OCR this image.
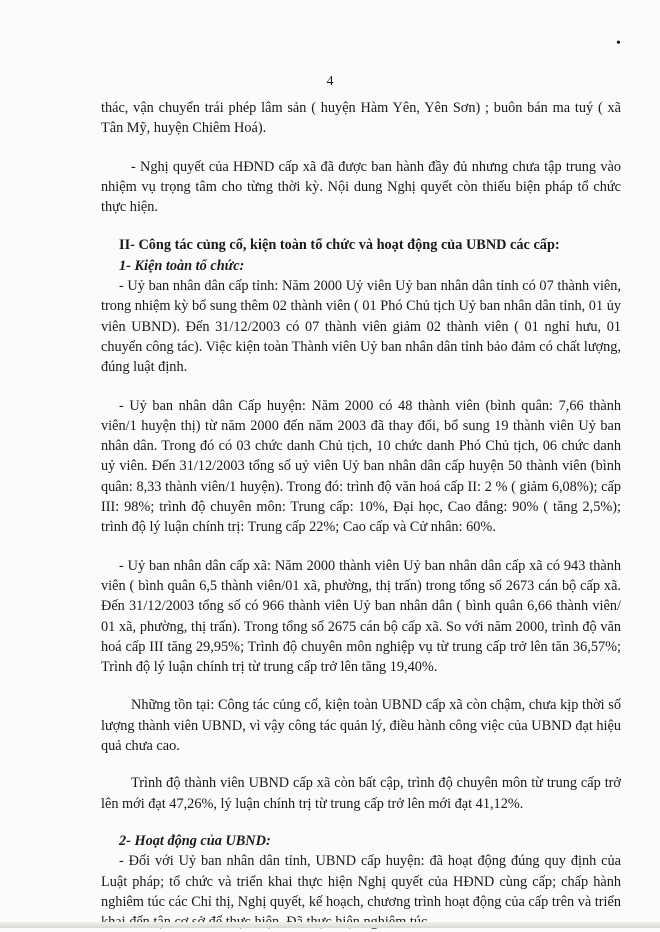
•
4

thác, vận chuyển trái phép lâm sản ( huyện Hàm Yên, Yên Sơn) ; buôn bán ma tuý ( xã Tân Mỹ, huyện Chiêm Hoá).

- Nghị quyết của HĐND cấp xã đã được ban hành đầy đủ nhưng chưa tập trung vào nhiệm vụ trọng tâm cho từng thời kỳ. Nội dung Nghị quyết còn thiếu biện pháp tổ chức thực hiện.

II- Công tác củng cố, kiện toàn tổ chức và hoạt động của UBND các cấp:

1- Kiện toàn tổ chức:

- Uỷ ban nhân dân cấp tỉnh: Năm 2000 Uỷ viên Uỷ ban nhân dân tỉnh có 07 thành viên, trong nhiệm kỳ bổ sung thêm 02 thành viên ( 01 Phó Chủ tịch Uỷ ban nhân dân tỉnh, 01 ủy viên UBND). Đến 31/12/2003 có 07 thành viên giảm 02 thành viên ( 01 nghỉ hưu, 01 chuyển công tác). Việc kiện toàn Thành viên Uỷ ban nhân dân tỉnh bảo đảm có chất lượng, đúng luật định.

- Uỷ ban nhân dân Cấp huyện: Năm 2000 có 48 thành viên (bình quân: 7,66 thành viên/1 huyện thị) từ năm 2000 đến năm 2003 đã thay đổi, bổ sung 19 thành viên Uỷ ban nhân dân. Trong đó có 03 chức danh Chủ tịch, 10 chức danh Phó Chủ tịch, 06 chức danh uỷ viên. Đến 31/12/2003 tổng số uỷ viên Uỷ ban nhân dân cấp huyện 50 thành viên (bình quân: 8,33 thành viên/1 huyện). Trong đó: trình độ văn hoá cấp II: 2 % ( giảm 6,08%); cấp III: 98%; trình độ chuyên môn: Trung cấp: 10%, Đại học, Cao đẳng: 90% ( tăng 2,5%); trình độ lý luận chính trị: Trung cấp 22%; Cao cấp và Cử nhân: 60%.

- Uỷ ban nhân dân cấp xã: Năm 2000 thành viên Uỷ ban nhân dân cấp xã có 943 thành viên ( bình quân 6,5 thành viên/01 xã, phường, thị trấn) trong tổng số 2673 cán bộ cấp xã. Đến 31/12/2003 tổng số có 966 thành viên Uỷ ban nhân dân ( bình quân 6,66 thành viên/ 01 xã, phường, thị trấn). Trong tổng số 2675 cán bộ cấp xã. So với năm 2000, trình độ văn hoá cấp III tăng 29,95%; Trình độ chuyên môn nghiệp vụ từ trung cấp trở lên tăn 36,57%; Trình độ lý luận chính trị từ trung cấp trở lên tăng 19,40%.

Những tồn tại: Công tác củng cố, kiện toàn UBND cấp xã còn chậm, chưa kịp thời số lượng thành viên UBND, vì vậy công tác quản lý, điều hành công việc của UBND đạt hiệu quả chưa cao.

Trình độ thành viên UBND cấp xã còn bất cập, trình độ chuyên môn từ trung cấp trở lên mới đạt 47,26%, lý luận chính trị từ trung cấp trở lên mới đạt 41,12%.

2- Hoạt động của UBND:

- Đối với Uỷ ban nhân dân tỉnh, UBND cấp huyện: đã hoạt động đúng quy định của Luật pháp; tổ chức và triển khai thực hiện Nghị quyết của HĐND cùng cấp; chấp hành nghiêm túc các Chỉ thị, Nghị quyết, kế hoạch, chương trình hoạt động của cấp trên và triển
